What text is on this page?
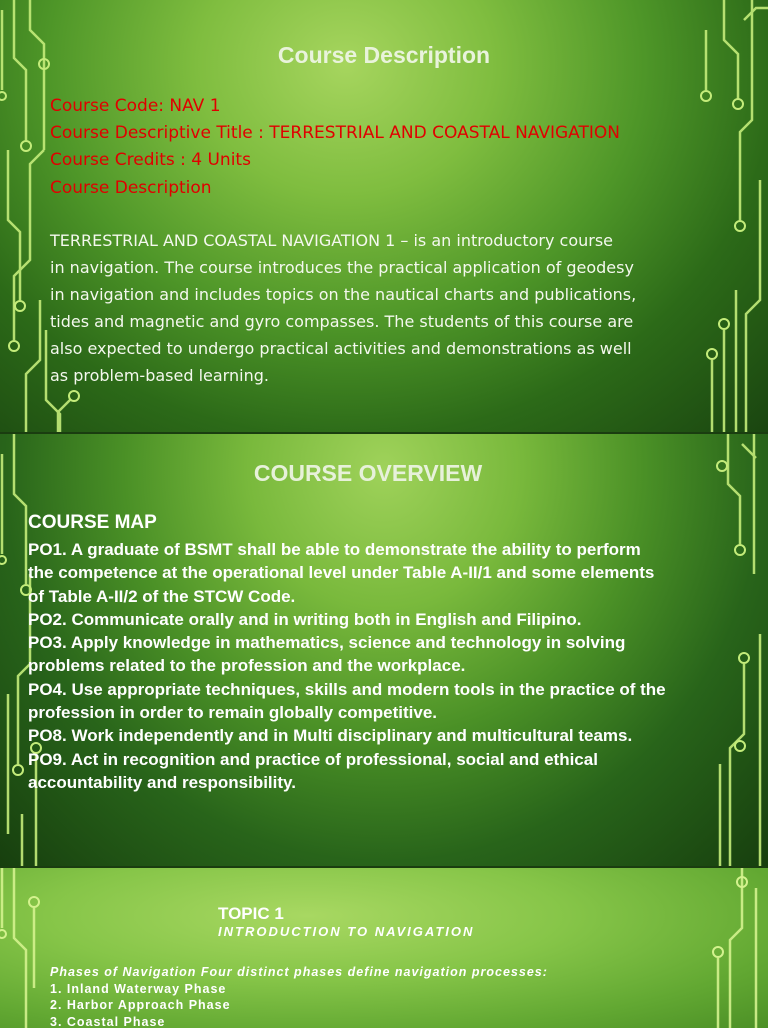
Course Description

Course Code: NAV 1

Course Descriptive Title : TERRESTRIAL AND COASTAL NAVIGATION

Course Credits : 4 Units

Course Description

TERRESTRIAL AND COASTAL NAVIGATION 1 – is an introductory course
in navigation. The course introduces the practical application of geodesy
in navigation and includes topics on the nautical charts and publications,
tides and magnetic and gyro compasses. The students of this course are
also expected to undergo practical activities and demonstrations as well
as problem-based learning.

COURSE OVERVIEW
COURSE MAP

PO1. A graduate of BSMT shall be able to demonstrate the ability to perform
the competence at the operational level under Table A-II/1 and some elements
of Table A-II/2 of the STCW Code.
PO2. Communicate orally and in writing both in English and Filipino.
PO3. Apply knowledge in mathematics, science and technology in solving
problems related to the profession and the workplace.
PO4. Use appropriate techniques, skills and modern tools in the practice of the
profession in order to remain globally competitive.
PO8. Work independently and in Multi disciplinary and multicultural teams.
PO9. Act in recognition and practice of professional, social and ethical
accountability and responsibility.

TOPIC 1
INTRODUCTION TO NAVIGATION

Phases of Navigation Four distinct phases define navigation processes:
1. Inland Waterway Phase
2. Harbor Approach Phase
3. Coastal Phase
